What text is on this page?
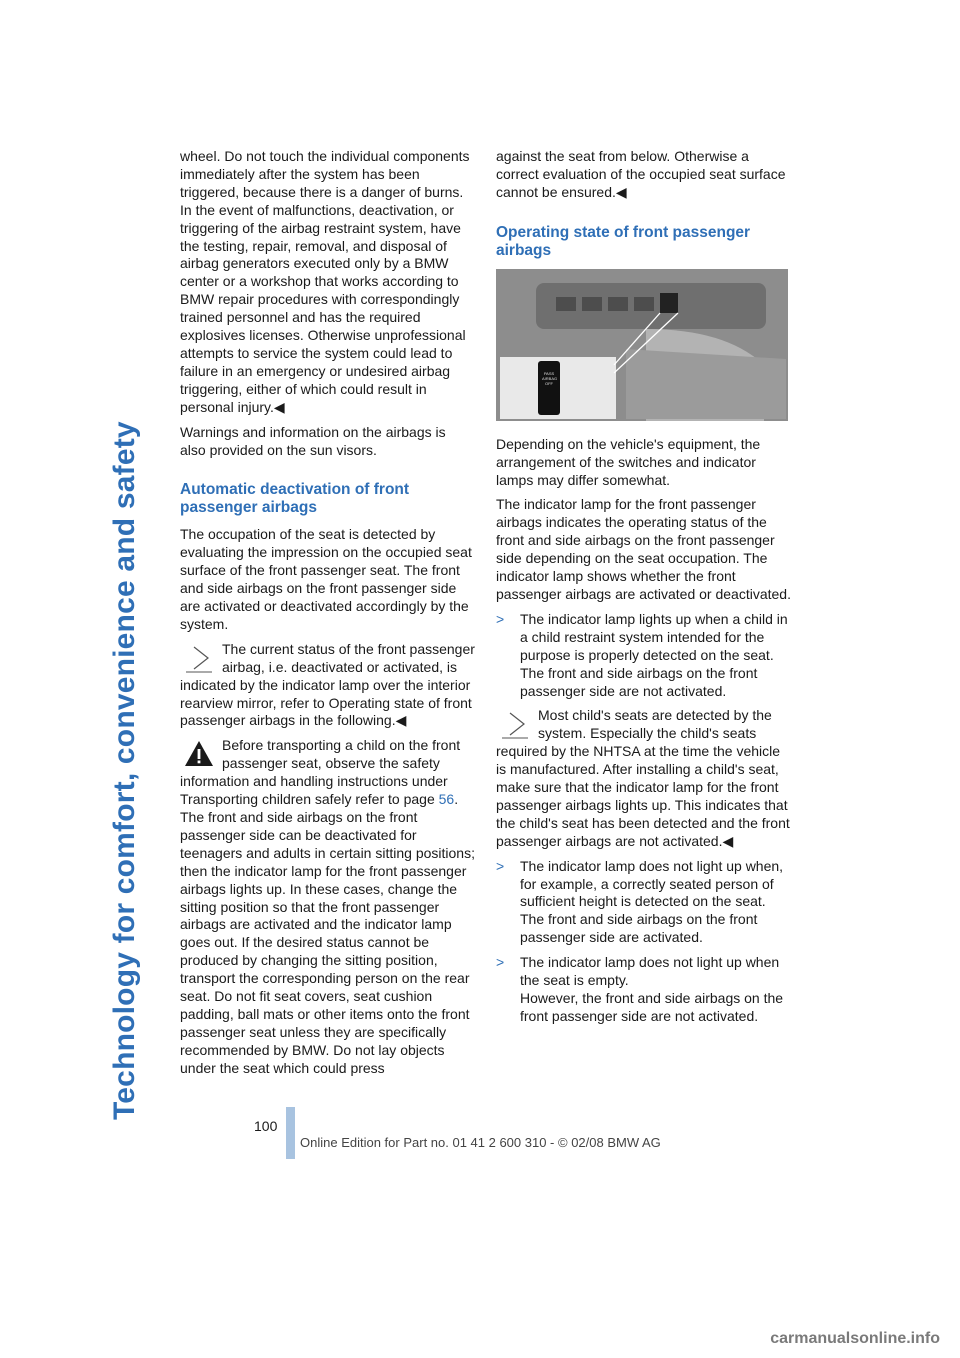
Technology for comfort, convenience and safety

wheel. Do not touch the individual components immediately after the system has been triggered, because there is a danger of burns.

In the event of malfunctions, deactivation, or triggering of the airbag restraint system, have the testing, repair, removal, and disposal of airbag generators executed only by a BMW center or a workshop that works according to BMW repair procedures with correspondingly trained personnel and has the required explosives licenses. Otherwise unprofessional attempts to service the system could lead to failure in an emergency or undesired airbag triggering, either of which could result in personal injury.◀

Warnings and information on the airbags is also provided on the sun visors.

Automatic deactivation of front passenger airbags

The occupation of the seat is detected by evaluating the impression on the occupied seat surface of the front passenger seat. The front and side airbags on the front passenger side are activated or deactivated accordingly by the system.

The current status of the front passenger airbag, i.e. deactivated or activated, is indicated by the indicator lamp over the interior rearview mirror, refer to Operating state of front passenger airbags in the following.◀

Before transporting a child on the front passenger seat, observe the safety information and handling instructions under Transporting children safely refer to page 56.

The front and side airbags on the front passenger side can be deactivated for teenagers and adults in certain sitting positions; then the indicator lamp for the front passenger airbags lights up. In these cases, change the sitting position so that the front passenger airbags are activated and the indicator lamp goes out. If the desired status cannot be produced by changing the sitting position, transport the corresponding person on the rear seat. Do not fit seat covers, seat cushion padding, ball mats or other items onto the front passenger seat unless they are specifically recommended by BMW. Do not lay objects under the seat which could press

against the seat from below. Otherwise a correct evaluation of the occupied seat surface cannot be ensured.◀

Operating state of front passenger airbags
PASS AIRBAG OFF

Depending on the vehicle's equipment, the arrangement of the switches and indicator lamps may differ somewhat.

The indicator lamp for the front passenger airbags indicates the operating status of the front and side airbags on the front passenger side depending on the seat occupation. The indicator lamp shows whether the front passenger airbags are activated or deactivated.

> The indicator lamp lights up when a child in a child restraint system intended for the purpose is properly detected on the seat. The front and side airbags on the front passenger side are not activated.

Most child's seats are detected by the system. Especially the child's seats required by the NHTSA at the time the vehicle is manufactured. After installing a child's seat, make sure that the indicator lamp for the front passenger airbags lights up. This indicates that the child's seat has been detected and the front passenger airbags are not activated.◀

> The indicator lamp does not light up when, for example, a correctly seated person of sufficient height is detected on the seat. The front and side airbags on the front passenger side are activated.
> The indicator lamp does not light up when the seat is empty.
However, the front and side airbags on the front passenger side are not activated.
100
Online Edition for Part no. 01 41 2 600 310 - © 02/08 BMW AG
carmanualsonline.info
